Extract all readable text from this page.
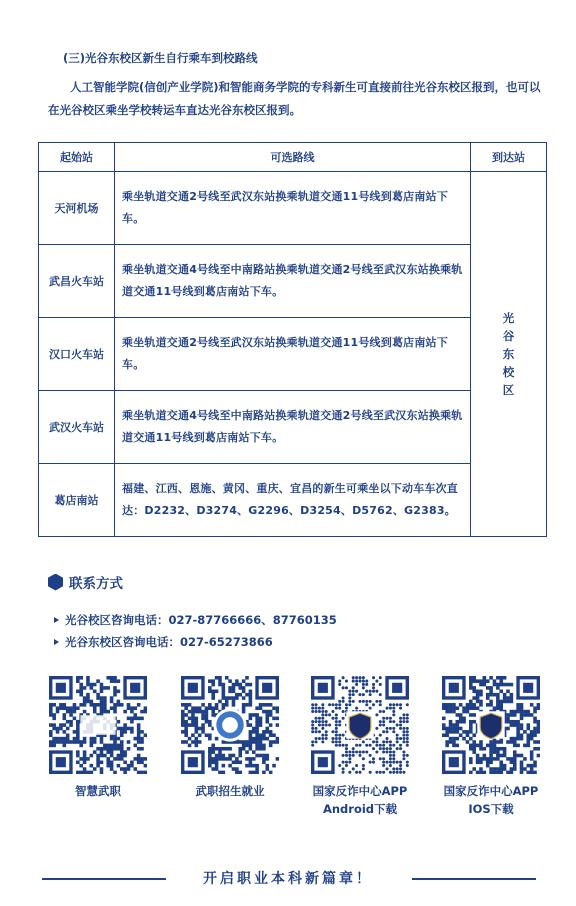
(三)光谷东校区新生自行乘车到校路线
人工智能学院(信创产业学院)和智能商务学院的专科新生可直接前往光谷东校区报到，也可以在光谷校区乘坐学校转运车直达光谷东校区报到。
起始站	可选路线	到达站
天河机场	乘坐轨道交通2号线至武汉东站换乘轨道交通11号线到葛店南站下车。	光谷东校区
武昌火车站	乘坐轨道交通4号线至中南路站换乘轨道交通2号线至武汉东站换乘轨道交通11号线到葛店南站下车。	
汉口火车站	乘坐轨道交通2号线至武汉东站换乘轨道交通11号线到葛店南站下车。	
武汉火车站	乘坐轨道交通4号线至中南路站换乘轨道交通2号线至武汉东站换乘轨道交通11号线到葛店南站下车。	
葛店南站	福建、江西、恩施、黄冈、重庆、宜昌的新生可乘坐以下动车车次直达：D2232、D3274、G2296、D3254、D5762、G2383。	
联系方式
光谷校区咨询电话：027-87766666、87760135
光谷东校区咨询电话：027-65273866
智慧武职	武职招生就业	国家反诈中心APP
Android下载
国家反诈中心APP
IOS下载
开启职业本科新篇章！
